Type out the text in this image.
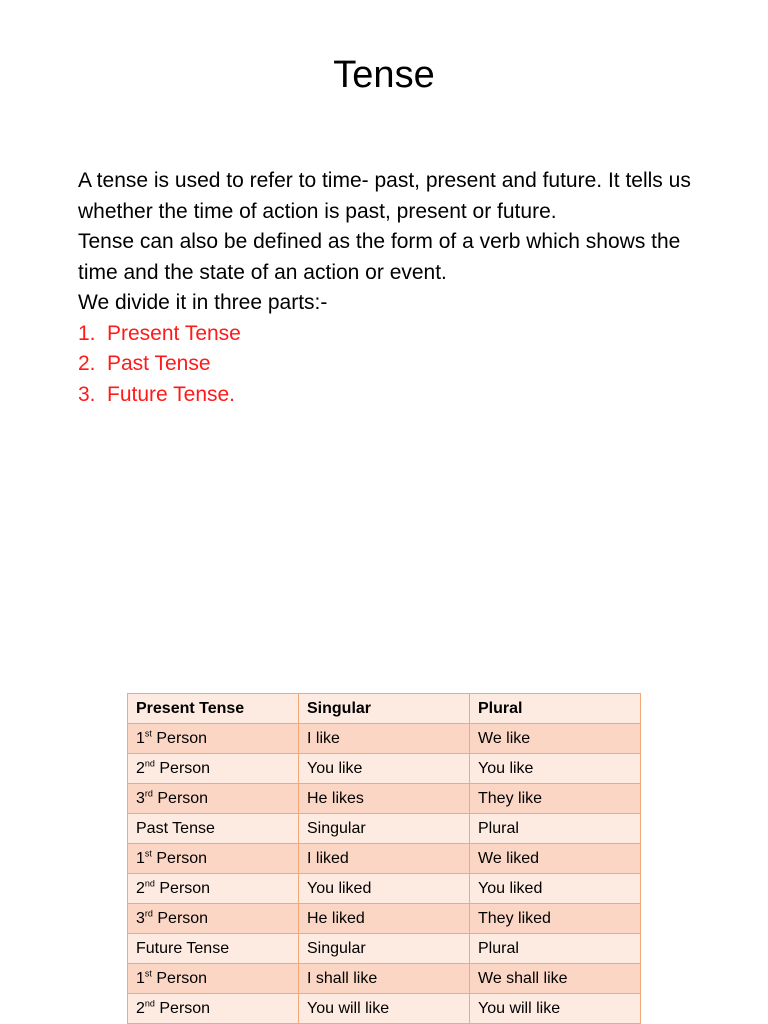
Tense

A tense is used to refer to time- past, present and future. It tells us whether the time of action is past, present or future.

Tense can also be defined as the form of a verb which shows the time and the state of an action or event.

We divide it in three parts:-

1. Present Tense
2. Past Tense
3. Future Tense.
Present Tense	Singular	Plural
1st Person	I like	We like
2nd Person	You like	You like
3rd Person	He likes	They like
Past Tense	Singular	Plural
1st Person	I liked	We liked
2nd Person	You liked	You liked
3rd Person	He liked	They liked
Future Tense	Singular	Plural
1st Person	I shall like	We shall like
2nd Person	You will like	You will like
